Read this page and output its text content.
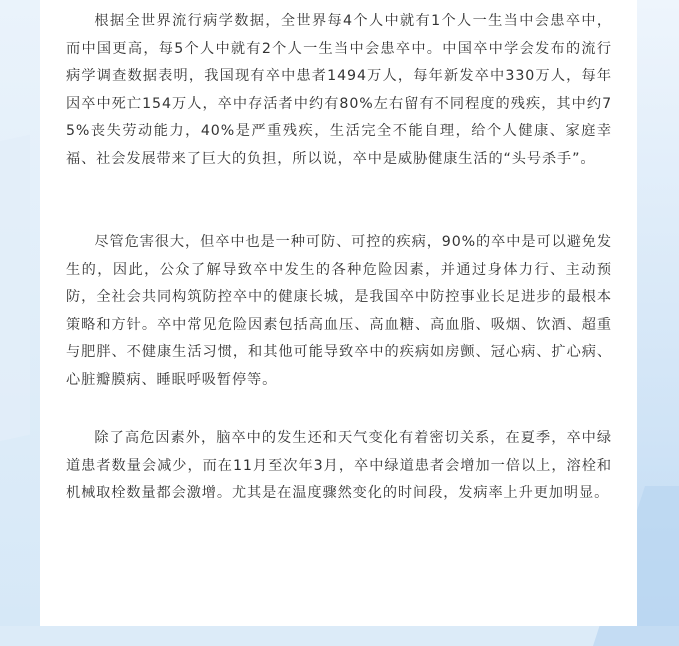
根据全世界流行病学数据，全世界每4个人中就有1个人一生当中会患卒中，而中国更高，每5个人中就有2个人一生当中会患卒中。中国卒中学会发布的流行病学调查数据表明，我国现有卒中患者1494万人，每年新发卒中330万人，每年因卒中死亡154万人，卒中存活者中约有80%左右留有不同程度的残疾，其中约75%丧失劳动能力，40%是严重残疾，生活完全不能自理，给个人健康、家庭幸福、社会发展带来了巨大的负担，所以说，卒中是威胁健康生活的“头号杀手”。

尽管危害很大，但卒中也是一种可防、可控的疾病，90%的卒中是可以避免发生的，因此，公众了解导致卒中发生的各种危险因素，并通过身体力行、主动预防，全社会共同构筑防控卒中的健康长城，是我国卒中防控事业长足进步的最根本策略和方针。卒中常见危险因素包括高血压、高血糖、高血脂、吸烟、饮酒、超重与肥胖、不健康生活习惯，和其他可能导致卒中的疾病如房颤、冠心病、扩心病、心脏瓣膜病、睡眠呼吸暂停等。

除了高危因素外，脑卒中的发生还和天气变化有着密切关系，在夏季，卒中绿道患者数量会减少，而在11月至次年3月，卒中绿道患者会增加一倍以上，溶栓和机械取栓数量都会激增。尤其是在温度骤然变化的时间段，发病率上升更加明显。
